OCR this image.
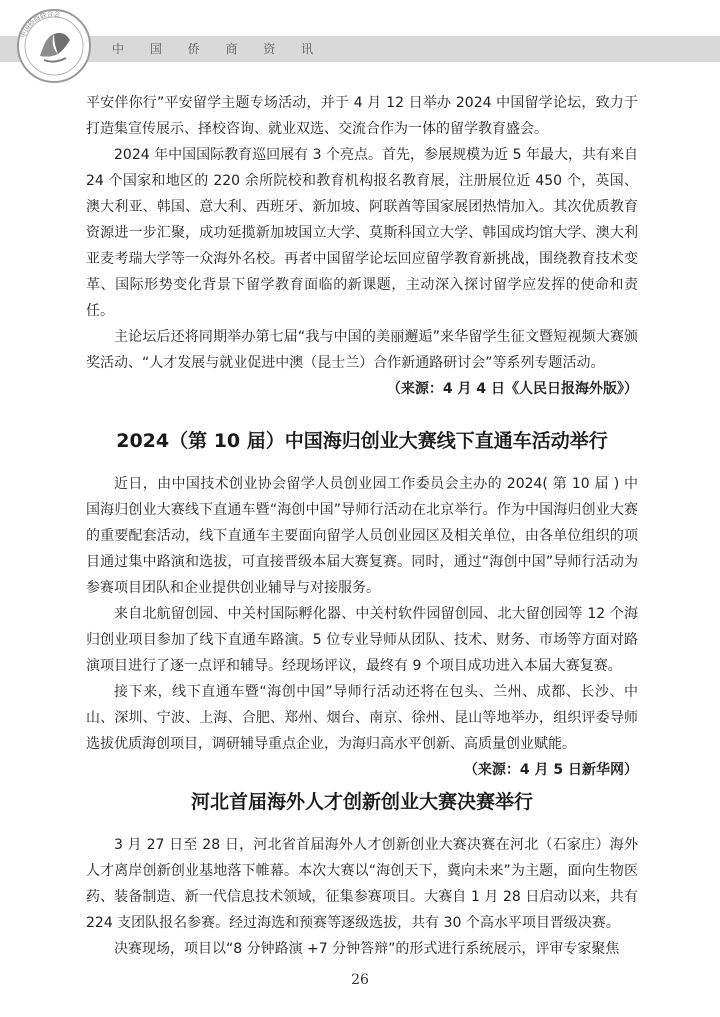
中 国 侨 商 资 讯
中国侨商联合会

平安伴你行”平安留学主题专场活动，并于 4 月 12 日举办 2024 中国留学论坛，致力于打造集宣传展示、择校咨询、就业双选、交流合作为一体的留学教育盛会。

2024 年中国国际教育巡回展有 3 个亮点。首先，参展规模为近 5 年最大，共有来自 24 个国家和地区的 220 余所院校和教育机构报名教育展，注册展位近 450 个，英国、澳大利亚、韩国、意大利、西班牙、新加坡、阿联酋等国家展团热情加入。其次优质教育资源进一步汇聚，成功延揽新加坡国立大学、莫斯科国立大学、韩国成均馆大学、澳大利亚麦考瑞大学等一众海外名校。再者中国留学论坛回应留学教育新挑战，围绕教育技术变革、国际形势变化背景下留学教育面临的新课题，主动深入探讨留学应发挥的使命和责任。

主论坛后还将同期举办第七届“我与中国的美丽邂逅”来华留学生征文暨短视频大赛颁奖活动、“人才发展与就业促进中澳（昆士兰）合作新通路研讨会”等系列专题活动。

（来源：4 月 4 日《人民日报海外版》）
2024（第 10 届）中国海归创业大赛线下直通车活动举行

近日，由中国技术创业协会留学人员创业园工作委员会主办的 2024( 第 10 届 ) 中国海归创业大赛线下直通车暨“海创中国”导师行活动在北京举行。作为中国海归创业大赛的重要配套活动，线下直通车主要面向留学人员创业园区及相关单位，由各单位组织的项目通过集中路演和选拔，可直接晋级本届大赛复赛。同时，通过“海创中国”导师行活动为参赛项目团队和企业提供创业辅导与对接服务。

来自北航留创园、中关村国际孵化器、中关村软件园留创园、北大留创园等 12 个海归创业项目参加了线下直通车路演。5 位专业导师从团队、技术、财务、市场等方面对路演项目进行了逐一点评和辅导。经现场评议，最终有 9 个项目成功进入本届大赛复赛。

接下来，线下直通车暨“海创中国”导师行活动还将在包头、兰州、成都、长沙、中山、深圳、宁波、上海、合肥、郑州、烟台、南京、徐州、昆山等地举办，组织评委导师选拔优质海创项目，调研辅导重点企业，为海归高水平创新、高质量创业赋能。
（来源：4 月 5 日新华网）

河北首届海外人才创新创业大赛决赛举行

3 月 27 日至 28 日，河北省首届海外人才创新创业大赛决赛在河北（石家庄）海外人才离岸创新创业基地落下帷幕。本次大赛以“海创天下，冀向未来”为主题，面向生物医药、装备制造、新一代信息技术领域，征集参赛项目。大赛自 1 月 28 日启动以来，共有 224 支团队报名参赛。经过海选和预赛等逐级选拔，共有 30 个高水平项目晋级决赛。

决赛现场，项目以“8 分钟路演 +7 分钟答辩”的形式进行系统展示，评审专家聚焦

26
